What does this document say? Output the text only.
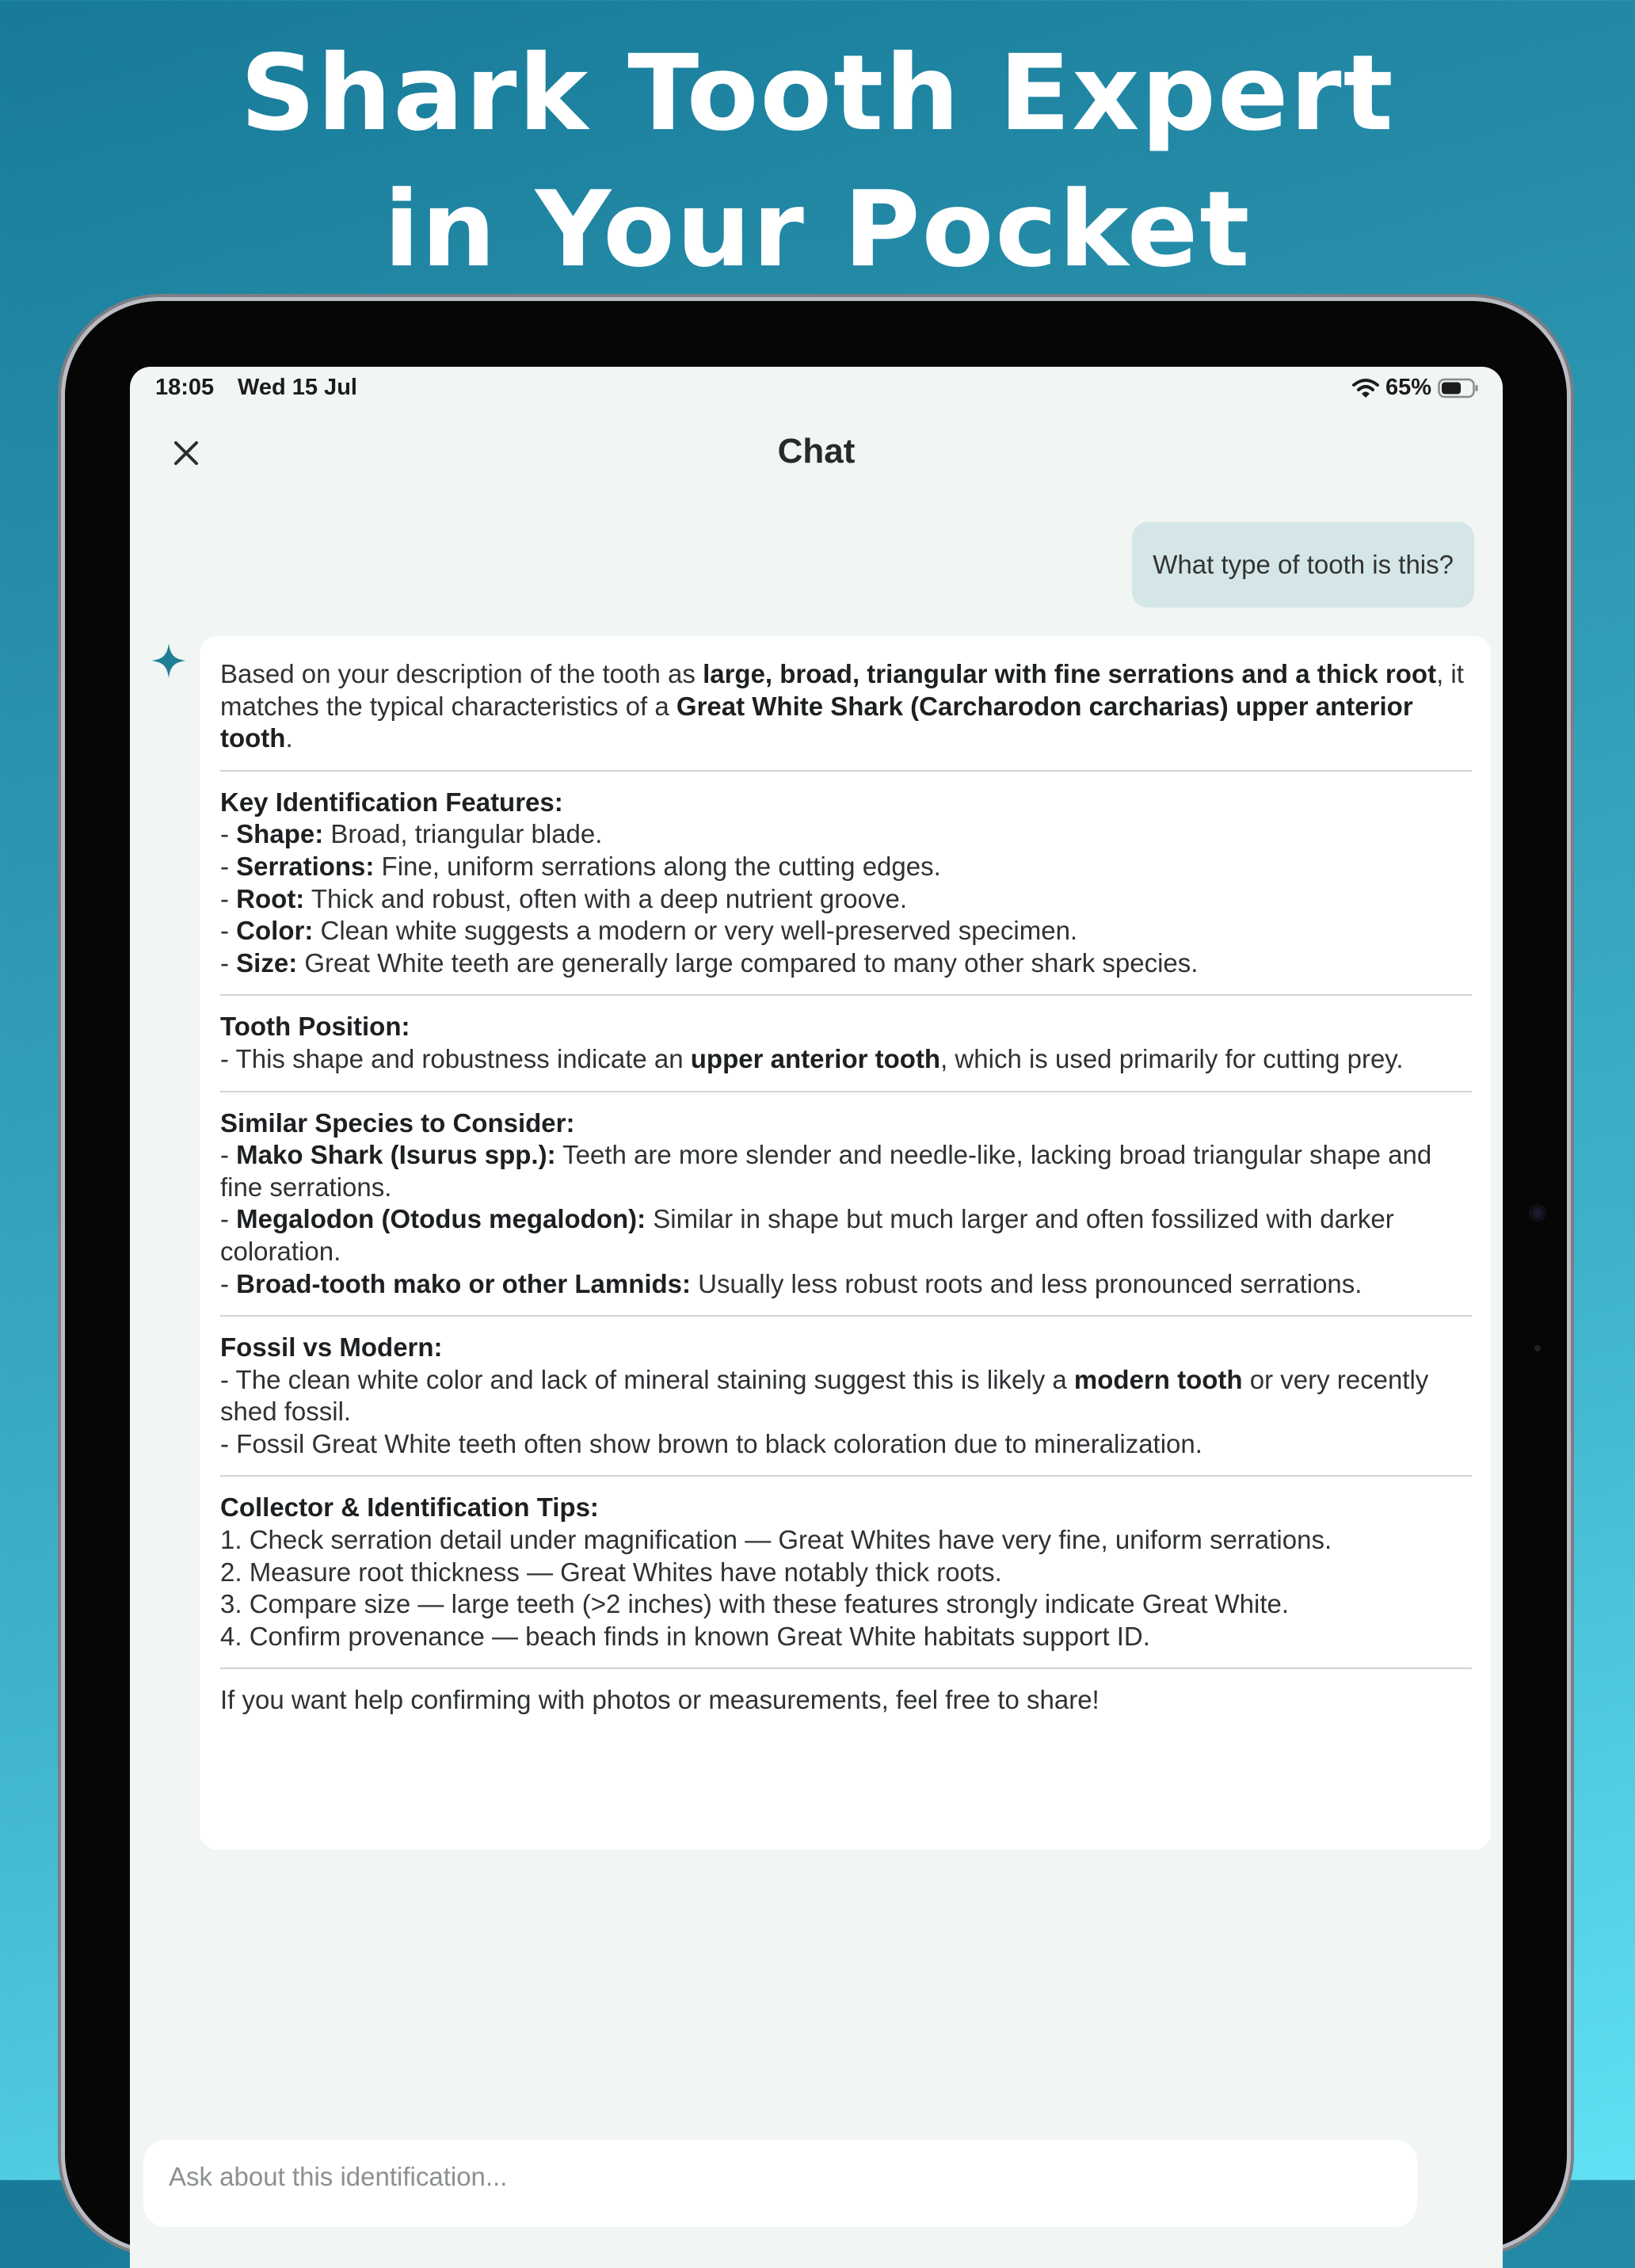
Shark Tooth Expert
in Your Pocket
18:05 Wed 15 Jul	65%
Chat
What type of tooth is this?

Based on your description of the tooth as large, broad, triangular with fine serrations and a thick root, it matches the typical characteristics of a Great White Shark (Carcharodon carcharias) upper anterior tooth.

Key Identification Features:

- Shape: Broad, triangular blade.

- Serrations: Fine, uniform serrations along the cutting edges.

- Root: Thick and robust, often with a deep nutrient groove.

- Color: Clean white suggests a modern or very well-preserved specimen.

- Size: Great White teeth are generally large compared to many other shark species.

Tooth Position:

- This shape and robustness indicate an upper anterior tooth, which is used primarily for cutting prey.

Similar Species to Consider:

- Mako Shark (Isurus spp.): Teeth are more slender and needle-like, lacking broad triangular shape and fine serrations.

- Megalodon (Otodus megalodon): Similar in shape but much larger and often fossilized with darker coloration.

- Broad-tooth mako or other Lamnids: Usually less robust roots and less pronounced serrations.

Fossil vs Modern:

- The clean white color and lack of mineral staining suggest this is likely a modern tooth or very recently shed fossil.

- Fossil Great White teeth often show brown to black coloration due to mineralization.

Collector & Identification Tips:

1. Check serration detail under magnification — Great Whites have very fine, uniform serrations.

2. Measure root thickness — Great Whites have notably thick roots.

3. Compare size — large teeth (>2 inches) with these features strongly indicate Great White.

4. Confirm provenance — beach finds in known Great White habitats support ID.

If you want help confirming with photos or measurements, feel free to share!

Ask about this identification...
